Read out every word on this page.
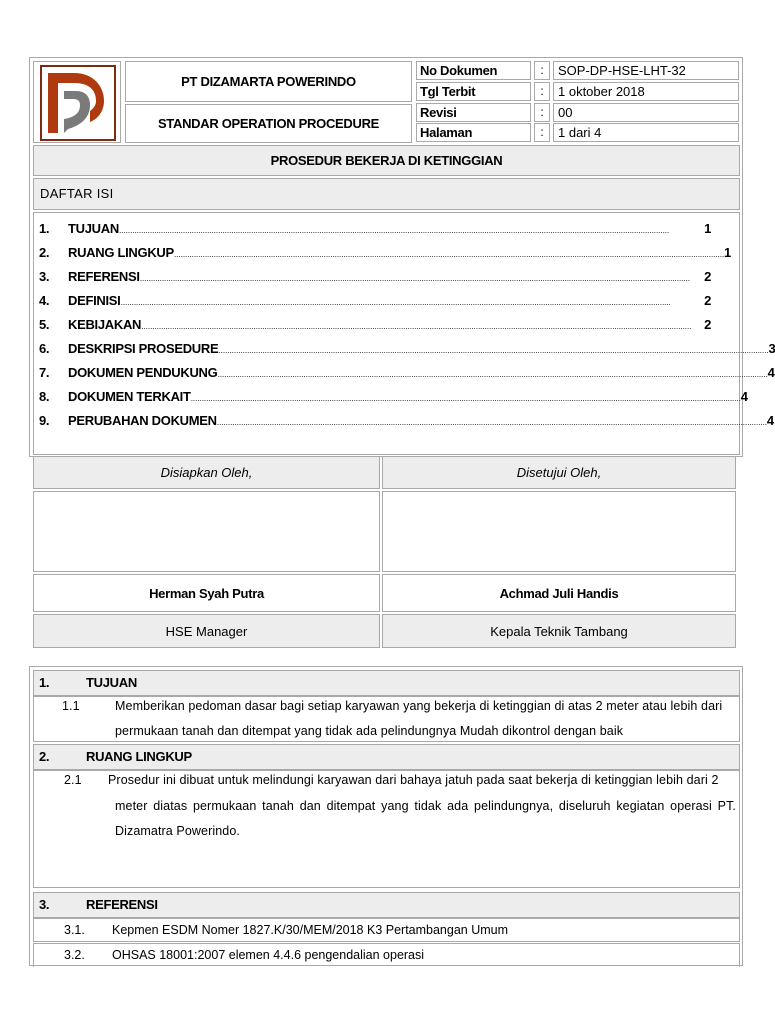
PT DIZAMARTA POWERINDO
STANDAR OPERATION PROCEDURE
No Dokumen	:	SOP-DP-HSE-LHT-32
Tgl Terbit	:	1 oktober 2018
Revisi	:	00
Halaman	:	1 dari 4
PROSEDUR BEKERJA DI KETINGGIAN
DAFTAR ISI
1.	TUJUAN ..........................................................................................................................................................................................................................................................	1
2.	RUANG LINGKUP .......................................................................................................................................................................................................................................................... 1
3.	REFERENSI ..........................................................................................................................................................................................................................................................	2
4.	DEFINISI ..........................................................................................................................................................................................................................................................	2
5.	KEBIJAKAN .......................................................................................................................................................................................................................................................... 2
6.	DESKRIPSI PROSEDURE .......................................................................................................................................................................................................................................................... 3
7.	DOKUMEN PENDUKUNG .......................................................................................................................................................................................................................................................... 4
8.	DOKUMEN TERKAIT .......................................................................................................................................................................................................................................................... 4
9.	PERUBAHAN DOKUMEN .......................................................................................................................................................................................................................................................... 4
Disiapkan Oleh,	Disetujui Oleh,
Herman Syah Putra	Achmad Juli Handis
HSE Manager	Kepala Teknik Tambang
1.	TUJUAN
1.1	Memberikan pedoman dasar bagi setiap karyawan yang bekerja di ketinggian di atas 2 meter atau lebih dari
permukaan tanah dan ditempat yang tidak ada pelindungnya Mudah dikontrol dengan baik
2.	RUANG LINGKUP
2.1 Prosedur ini dibuat untuk melindungi karyawan dari bahaya jatuh pada saat bekerja di ketinggian lebih dari 2
meter diatas permukaan tanah dan ditempat yang tidak ada pelindungnya, diseluruh kegiatan operasi PT.
Dizamatra Powerindo.
3.	REFERENSI
3.1. Kepmen ESDM Nomer 1827.K/30/MEM/2018 K3 Pertambangan Umum
3.2. OHSAS 18001:2007 elemen 4.4.6 pengendalian operasi
